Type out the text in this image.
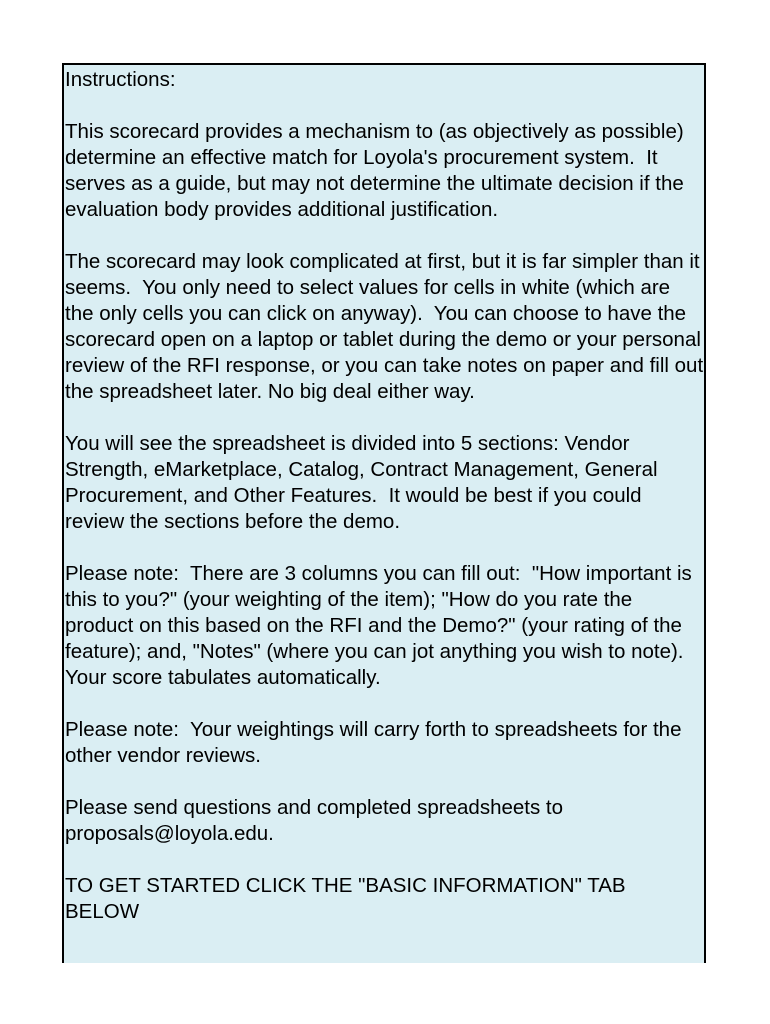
Instructions:
This scorecard provides a mechanism to (as objectively as possible) determine an effective match for Loyola's procurement system.  It serves as a guide, but may not determine the ultimate decision if the evaluation body provides additional justification.
The scorecard may look complicated at first, but it is far simpler than it seems.  You only need to select values for cells in white (which are the only cells you can click on anyway).  You can choose to have the scorecard open on a laptop or tablet during the demo or your personal review of the RFI response, or you can take notes on paper and fill out the spreadsheet later. No big deal either way.
You will see the spreadsheet is divided into 5 sections: Vendor Strength, eMarketplace, Catalog, Contract Management, General Procurement, and Other Features.  It would be best if you could review the sections before the demo.
Please note:  There are 3 columns you can fill out:  "How important is this to you?" (your weighting of the item); "How do you rate the product on this based on the RFI and the Demo?" (your rating of the feature); and, "Notes" (where you can jot anything you wish to note).  Your score tabulates automatically.
Please note:  Your weightings will carry forth to spreadsheets for the other vendor reviews.
Please send questions and completed spreadsheets to proposals@loyola.edu.
TO GET STARTED CLICK THE "BASIC INFORMATION" TAB BELOW
